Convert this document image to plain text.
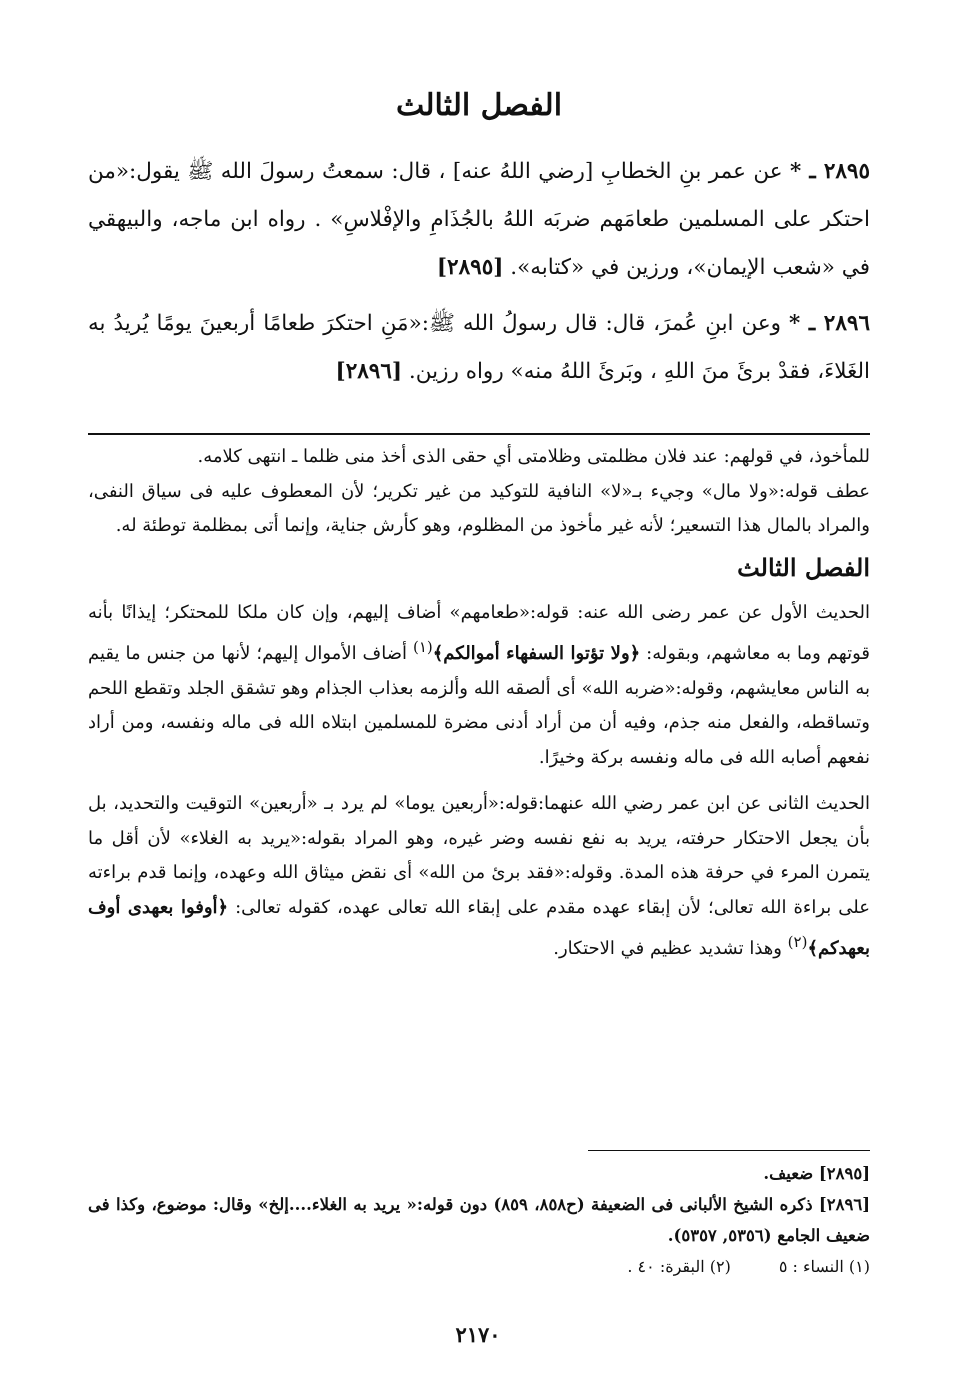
الفصل الثالث

٢٨٩٥ ـ * عن عمر بنِ الخطابِ [رضي اللهُ عنه] ، قال: سمعتُ رسولَ الله ﷺ يقول:«من احتكر على المسلمين طعامَهم ضربَه اللهُ بالجُذَامِ والإفْلاسِ» . رواه ابن ماجه، والبيهقي في «شعب الإيمان»، ورزين في «كتابه». [٢٨٩٥]

٢٨٩٦ ـ * وعن ابنِ عُمرَ، قال: قال رسولُ الله ﷺ:«مَنِ احتكرَ طعامًا أربعينَ يومًا يُريدُ به الغَلاءَ، فقدْ برئَ منَ اللهِ ، وبَرئَ اللهُ منه» رواه رزين. [٢٨٩٦]

للمأخوذ، في قولهم: عند فلان مظلمتى وظلامتى أي حقى الذى أخذ منى ظلما ـ انتهى كلامه.

عطف قوله:«ولا مال» وجيء بـ«لا» النافية للتوكيد من غير تكرير؛ لأن المعطوف عليه فى سياق النفى، والمراد بالمال هذا التسعير؛ لأنه غير مأخوذ من المظلوم، وهو كأرش جناية، وإنما أتى بمظلمة توطئة له.

الفصل الثالث

الحديث الأول عن عمر رضى الله عنه: قوله:«طعامهم» أضاف إليهم، وإن كان ملكا للمحتكر؛ إيذانًا بأنه قوتهم وما به معاشهم، وبقوله: ﴿ولا تؤتوا السفهاء أموالكم﴾$^{(١)}$ أضاف الأموال إليهم؛ لأنها من جنس ما يقيم به الناس معايشهم، وقوله:«ضربه الله» أى ألصقه الله وألزمه بعذاب الجذام وهو تشقق الجلد وتقطع اللحم وتساقطه، والفعل منه جذم، وفيه أن من أراد أدنى مضرة للمسلمين ابتلاه الله فى ماله ونفسه، ومن أراد نفعهم أصابه الله فى ماله ونفسه بركة وخيرًا.

الحديث الثانى عن ابن عمر رضي الله عنهما:قوله:«أربعين يوما» لم يرد بـ «أربعين» التوقيت والتحديد، بل بأن يجعل الاحتكار حرفته، يريد به نفع نفسه وضر غيره، وهو المراد بقوله:«يريد به الغلاء» لأن أقل ما يتمرن المرء في حرفة هذه المدة. وقوله:«فقد برئ من الله» أى نقض ميثاق الله وعهده، وإنما قدم براءته على براءة الله تعالى؛ لأن إبقاء عهده مقدم على إبقاء الله تعالى عهده، كقوله تعالى: ﴿أوفوا بعهدى أوف بعهدكم﴾$^{(٢)}$ وهذا تشديد عظيم في الاحتكار.

[٢٨٩٥] ضعيف.

[٢٨٩٦] ذكره الشيخ الألبانى فى الضعيفة (ح٨٥٨، ٨٥٩) دون قوله:« يريد به الغلاء....إلخ» وقال: موضوع، وكذا فى ضعيف الجامع (٥٣٥٦, ٥٣٥٧).

(١) النساء : ٥
(٢) البقرة: ٤٠ .
٢١٧٠
